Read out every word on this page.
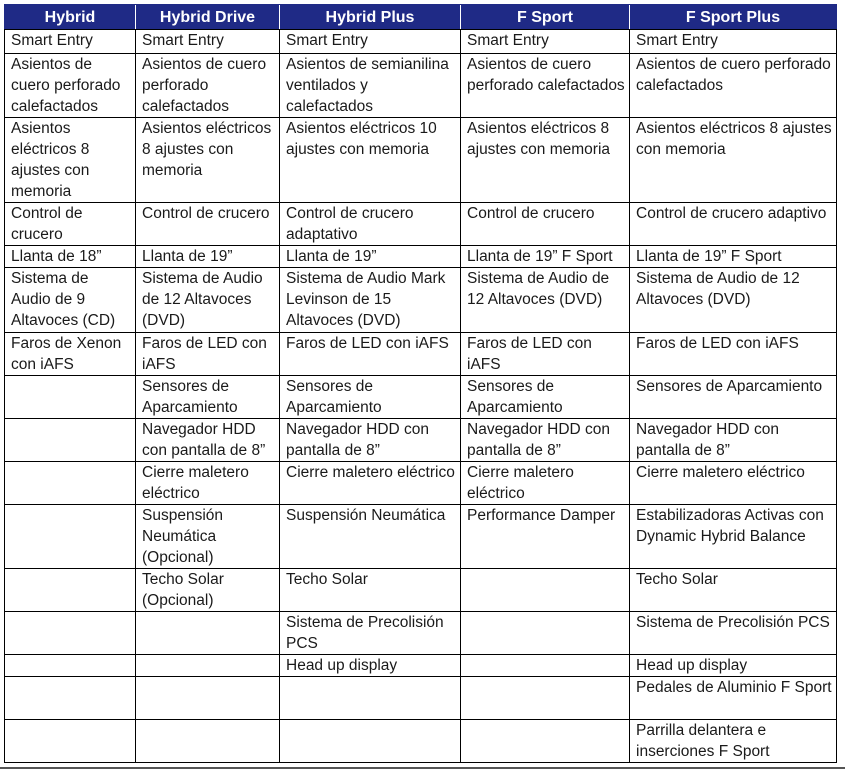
Hybrid	Hybrid Drive	Hybrid Plus	F Sport	F Sport Plus
Smart Entry	Smart Entry	Smart Entry	Smart Entry	Smart Entry
Asientos de cuero perforado calefactados	Asientos de cuero perforado calefactados	Asientos de semianilina ventilados y calefactados	Asientos de cuero perforado calefactados	Asientos de cuero perforado calefactados
Asientos eléctricos 8 ajustes con memoria	Asientos eléctricos 8 ajustes con memoria	Asientos eléctricos 10 ajustes con memoria	Asientos eléctricos 8 ajustes con memoria	Asientos eléctricos 8 ajustes con memoria
Control de crucero	Control de crucero	Control de crucero adaptativo	Control de crucero	Control de crucero adaptivo
Llanta de 18”	Llanta de 19”	Llanta de 19”	Llanta de 19” F Sport	Llanta de 19” F Sport
Sistema de Audio de 9 Altavoces (CD)	Sistema de Audio de 12 Altavoces (DVD)	Sistema de Audio Mark Levinson de 15 Altavoces (DVD)	Sistema de Audio de 12 Altavoces (DVD)	Sistema de Audio de 12 Altavoces (DVD)
Faros de Xenon con iAFS	Faros de LED con iAFS	Faros de LED con iAFS	Faros de LED con iAFS	Faros de LED con iAFS
	Sensores de Aparcamiento	Sensores de Aparcamiento	Sensores de Aparcamiento	Sensores de Aparcamiento
	Navegador HDD con pantalla de 8”	Navegador HDD con pantalla de 8”	Navegador HDD con pantalla de 8”	Navegador HDD con pantalla de 8”
	Cierre maletero eléctrico	Cierre maletero eléctrico	Cierre maletero eléctrico	Cierre maletero eléctrico
	Suspensión Neumática (Opcional)	Suspensión Neumática	Performance Damper	Estabilizadoras Activas con Dynamic Hybrid Balance
	Techo Solar (Opcional)	Techo Solar		Techo Solar
		Sistema de Precolisión PCS		Sistema de Precolisión PCS
		Head up display		Head up display
				Pedales de Aluminio F Sport
				Parrilla delantera e inserciones F Sport
